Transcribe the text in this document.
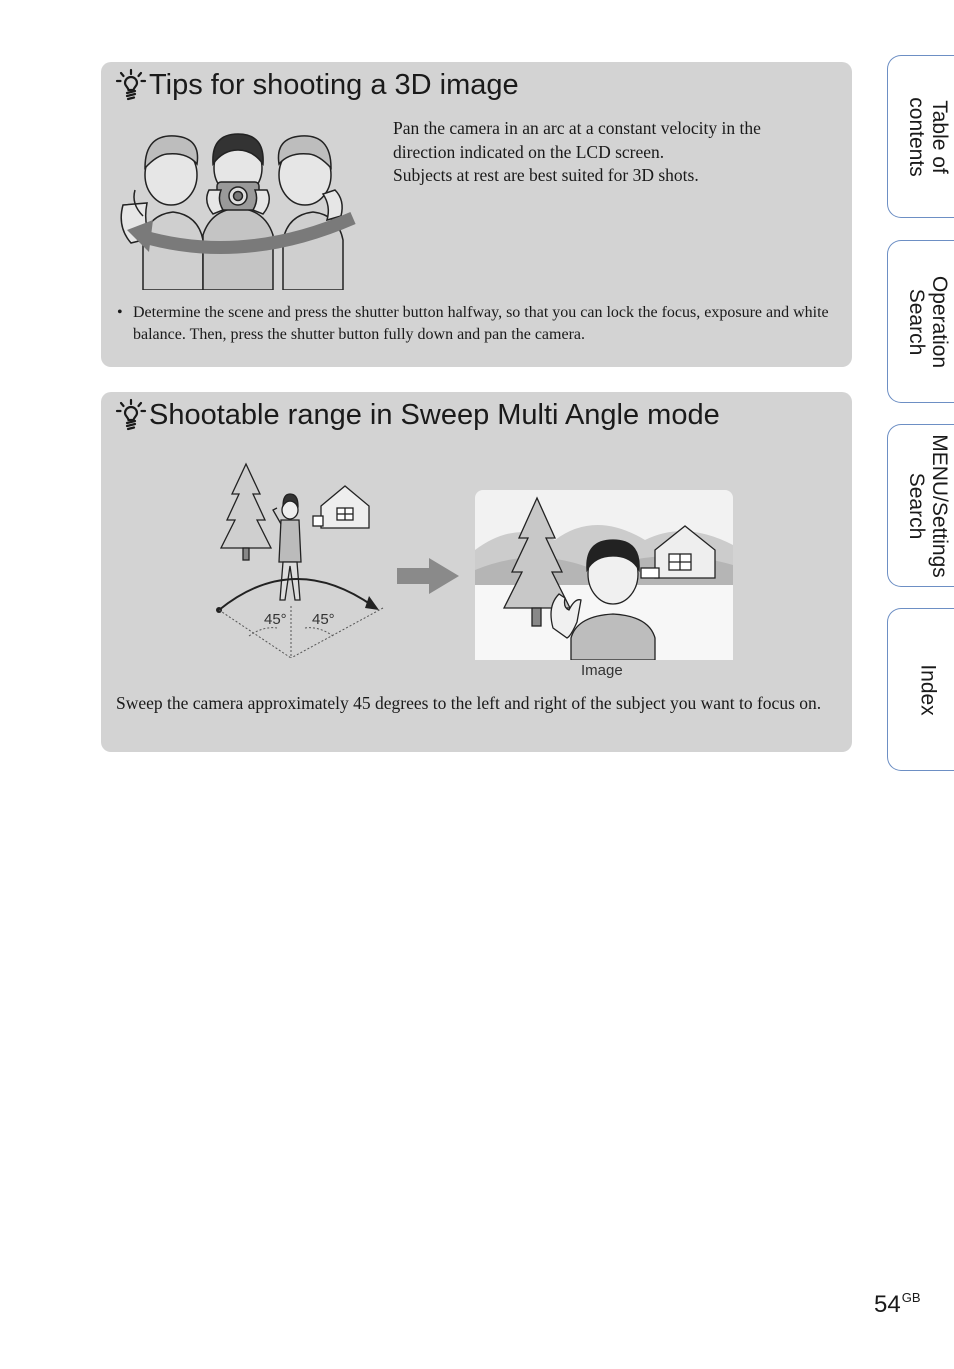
Tips for shooting a 3D image

Pan the camera in an arc at a constant velocity in the
direction indicated on the LCD screen.
Subjects at rest are best suited for 3D shots.

• Determine the scene and press the shutter button halfway, so that you can lock the focus, exposure and white balance. Then, press the shutter button fully down and pan the camera.

Shootable range in Sweep Multi Angle mode
45° 45°
Image

Sweep the camera approximately 45 degrees to the left and right of the subject you want to focus on.

Table of
contents
Operation
Search
MENU/Settings
Search
Index
$54^{GB}$
